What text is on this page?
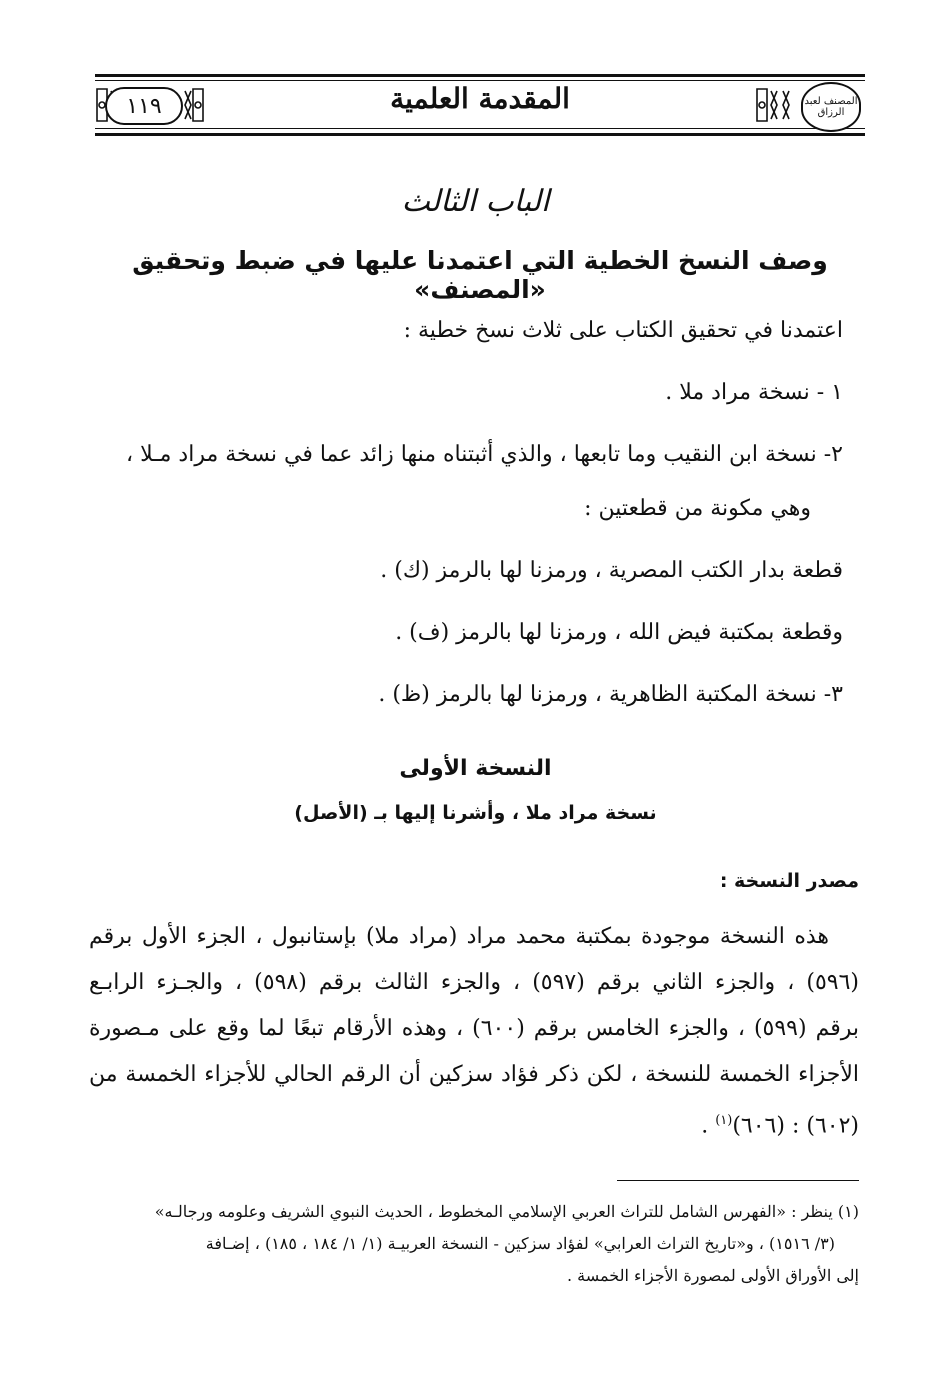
١١٩	المقدمة العلمية	المصنف لعبد الرزاق
الباب الثالث
وصف النسخ الخطية التي اعتمدنا عليها في ضبط وتحقيق «المصنف»
اعتمدنا في تحقيق الكتاب على ثلاث نسخ خطية :
١ - نسخة مراد ملا .
٢- نسخة ابن النقيب وما تابعها ، والذي أثبتناه منها زائد عما في نسخة مراد مـلا ،
وهي مكونة من قطعتين :
قطعة بدار الكتب المصرية ، ورمزنا لها بالرمز (ك) .
وقطعة بمكتبة فيض الله ، ورمزنا لها بالرمز (ف) .
٣- نسخة المكتبة الظاهرية ، ورمزنا لها بالرمز (ظ) .
النسخة الأولى
نسخة مراد ملا ، وأشرنا إليها بـ (الأصل)
مصدر النسخة :
هذه النسخة موجودة بمكتبة محمد مراد (مراد ملا) بإستانبول ، الجزء الأول برقم
(٥٩٦) ، والجزء الثاني برقم (٥٩٧) ، والجزء الثالث برقم (٥٩٨) ، والجـزء الرابـع
برقم (٥٩٩) ، والجزء الخامس برقم (٦٠٠) ، وهذه الأرقام تبعًا لما وقع على مـصورة
الأجزاء الخمسة للنسخة ، لكن ذكر فؤاد سزكين أن الرقم الحالي للأجزاء الخمسة من
(٦٠٢) : (٦٠٦)$^{(١)}$ .
(١) ينظر : «الفهرس الشامل للتراث العربي الإسلامي المخطوط ، الحديث النبوي الشريف وعلومه ورجالـه»
(٣/ ١٥١٦) ، و«تاريخ التراث العرابي» لفؤاد سزكين - النسخة العربيـة (١/ ١/ ١٨٤ ، ١٨٥) ، إضـافة
إلى الأوراق الأولى لمصورة الأجزاء الخمسة .
